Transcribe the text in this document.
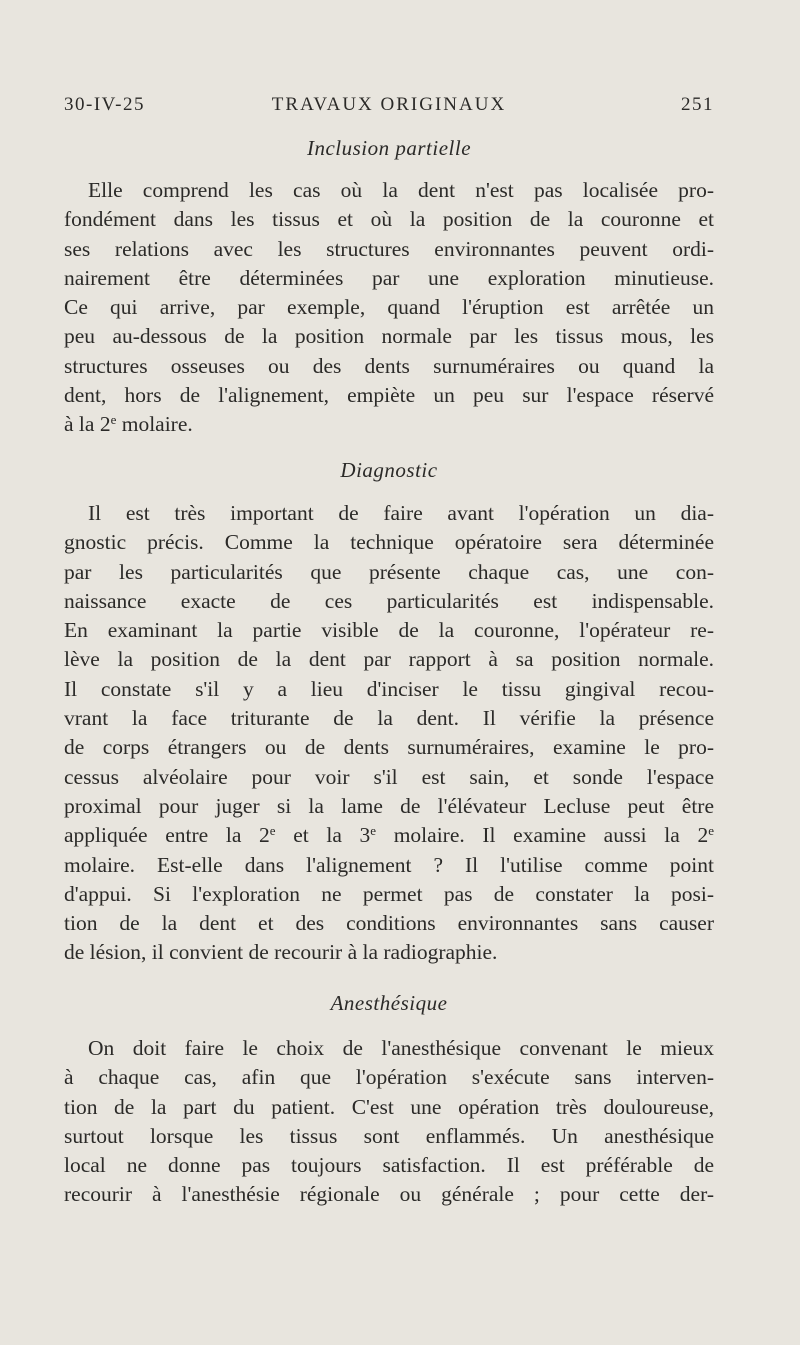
30-IV-25	TRAVAUX ORIGINAUX	251
Inclusion partielle
Elle comprend les cas où la dent n'est pas localisée pro-
fondément dans les tissus et où la position de la couronne et
ses relations avec les structures environnantes peuvent ordi-
nairement être déterminées par une exploration minutieuse.
Ce qui arrive, par exemple, quand l'éruption est arrêtée un
peu au-dessous de la position normale par les tissus mous, les
structures osseuses ou des dents surnuméraires ou quand la
dent, hors de l'alignement, empiète un peu sur l'espace réservé
à la 2e molaire.
Diagnostic
Il est très important de faire avant l'opération un dia-
gnostic précis. Comme la technique opératoire sera déterminée
par les particularités que présente chaque cas, une con-
naissance exacte de ces particularités est indispensable.
En examinant la partie visible de la couronne, l'opérateur re-
lève la position de la dent par rapport à sa position normale.
Il constate s'il y a lieu d'inciser le tissu gingival recou-
vrant la face triturante de la dent. Il vérifie la présence
de corps étrangers ou de dents surnuméraires, examine le pro-
cessus alvéolaire pour voir s'il est sain, et sonde l'espace
proximal pour juger si la lame de l'élévateur Lecluse peut être
appliquée entre la 2e et la 3e molaire. Il examine aussi la 2e
molaire. Est-elle dans l'alignement ? Il l'utilise comme point
d'appui. Si l'exploration ne permet pas de constater la posi-
tion de la dent et des conditions environnantes sans causer
de lésion, il convient de recourir à la radiographie.
Anesthésique
On doit faire le choix de l'anesthésique convenant le mieux
à chaque cas, afin que l'opération s'exécute sans interven-
tion de la part du patient. C'est une opération très douloureuse,
surtout lorsque les tissus sont enflammés. Un anesthésique
local ne donne pas toujours satisfaction. Il est préférable de
recourir à l'anesthésie régionale ou générale ; pour cette der-
